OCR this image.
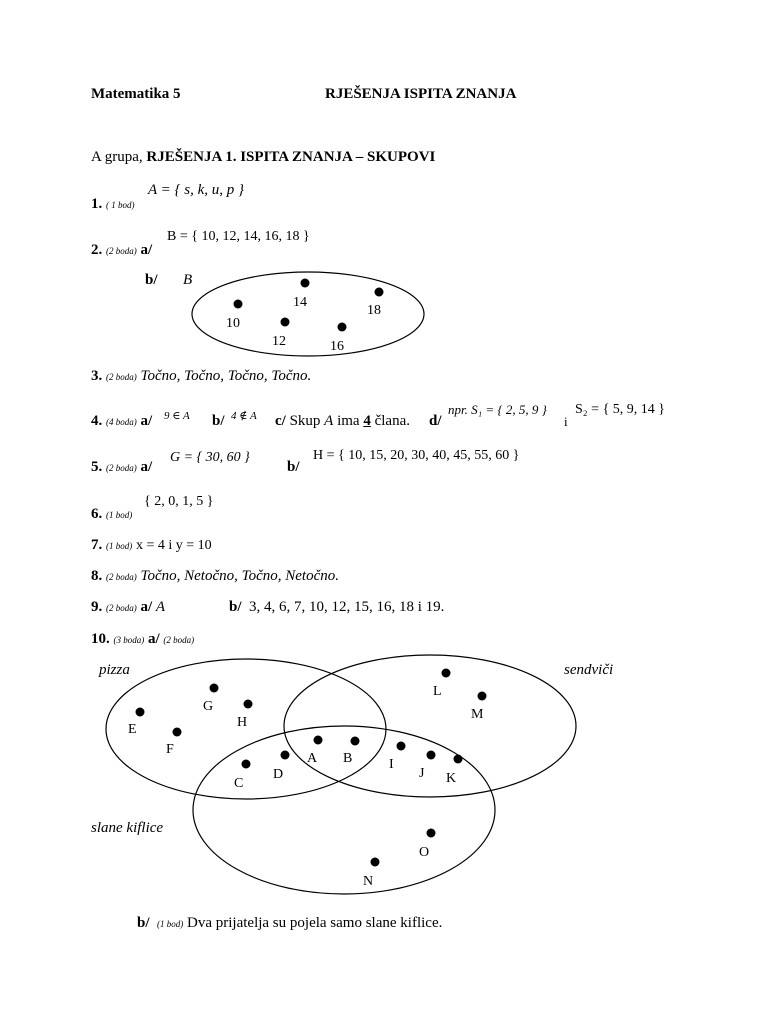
Matematika 5	RJEŠENJA ISPITA ZNANJA
A grupa, RJEŠENJA 1. ISPITA ZNANJA – SKUPOVI
1. ( 1 bod)
A = { s, k, u, p }
2. (2 boda) a/
B = { 10, 12, 14, 16, 18 }
b/ B
14
18
10
12	16
3. (2 boda) Točno, Točno, Točno, Točno.
4. (4 boda) a/ 9 ∈ A b/ 4 ∉ A c/ Skup A ima 4 člana. d/
npr. S₁ = { 2, 5, 9 }
i
S₂ = { 5, 9, 14 }
5. (2 boda) a/
G = { 30, 60 }
b/
H = { 10, 15, 20, 30, 40, 45, 55, 60 }
6. (1 bod)
{ 2, 0, 1, 5 }
7. (1 bod) x = 4 i y = 10
8. (2 boda) Točno, Netočno, Točno, Netočno.
9. (2 boda) a/ A	b/ 3, 4, 6, 7, 10, 12, 15, 16, 18 i 19.
10. (3 boda) a/ (2 boda)
pizza	sendviči
slane kiflice
G
H
E
F
L
M
A B
C
D
I
J K
O
N
b/ (1 bod) Dva prijatelja su pojela samo slane kiflice.
